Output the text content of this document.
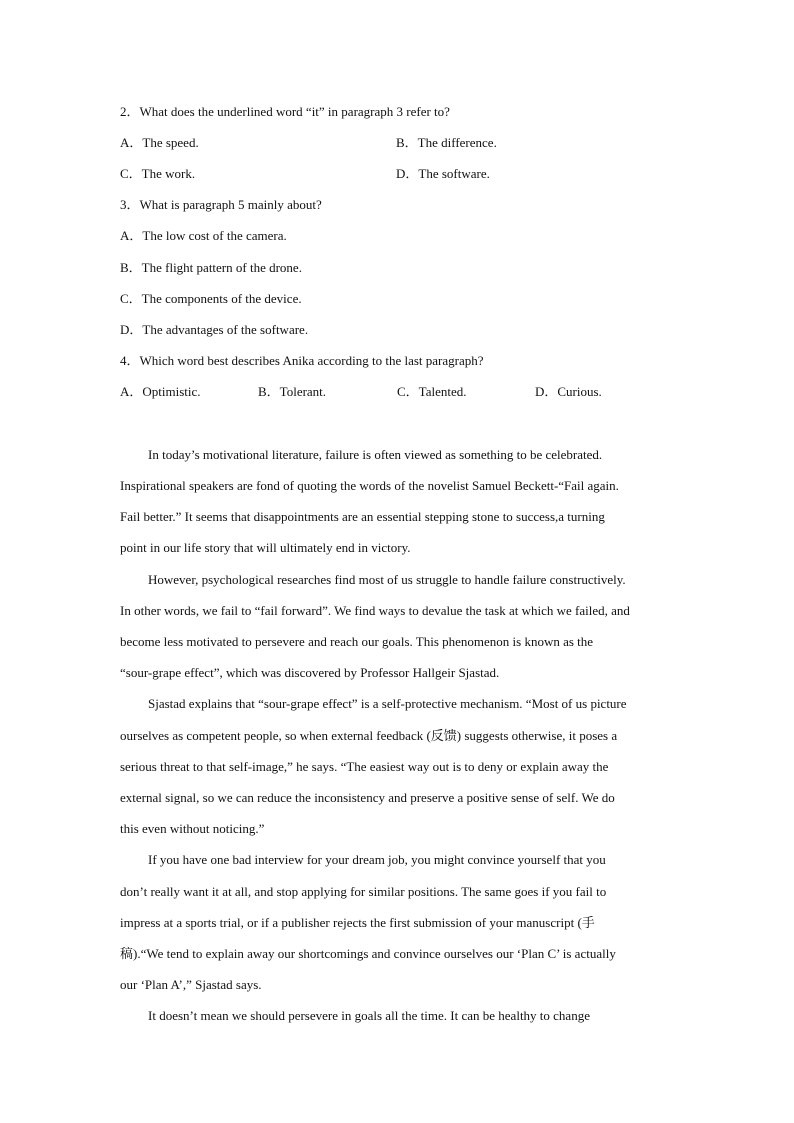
2．What does the underlined word “it” in paragraph 3 refer to?
A．The speed.	B．The difference.
C．The work.	D．The software.
3．What is paragraph 5 mainly about?
A．The low cost of the camera.
B．The flight pattern of the drone.
C．The components of the device.
D．The advantages of the software.
4．Which word best describes Anika according to the last paragraph?
A．Optimistic.	B．Tolerant.	C．Talented.	D．Curious.
In today’s motivational literature, failure is often viewed as something to be celebrated.
Inspirational speakers are fond of quoting the words of the novelist Samuel Beckett-“Fail again.
Fail better.” It seems that disappointments are an essential stepping stone to success,a turning
point in our life story that will ultimately end in victory.
However, psychological researches find most of us struggle to handle failure constructively.
In other words, we fail to “fail forward”. We find ways to devalue the task at which we failed, and
become less motivated to persevere and reach our goals. This phenomenon is known as the
“sour-grape effect”, which was discovered by Professor Hallgeir Sjastad.
Sjastad explains that “sour-grape effect” is a self-protective mechanism. “Most of us picture
ourselves as competent people, so when external feedback (反馈) suggests otherwise, it poses a
serious threat to that self-image,” he says. “The easiest way out is to deny or explain away the
external signal, so we can reduce the inconsistency and preserve a positive sense of self. We do
this even without noticing.”
If you have one bad interview for your dream job, you might convince yourself that you
don’t really want it at all, and stop applying for similar positions. The same goes if you fail to
impress at a sports trial, or if a publisher rejects the first submission of your manuscript (手
稿).“We tend to explain away our shortcomings and convince ourselves our ‘Plan C’ is actually
our ‘Plan A’,” Sjastad says.
It doesn’t mean we should persevere in goals all the time. It can be healthy to change
